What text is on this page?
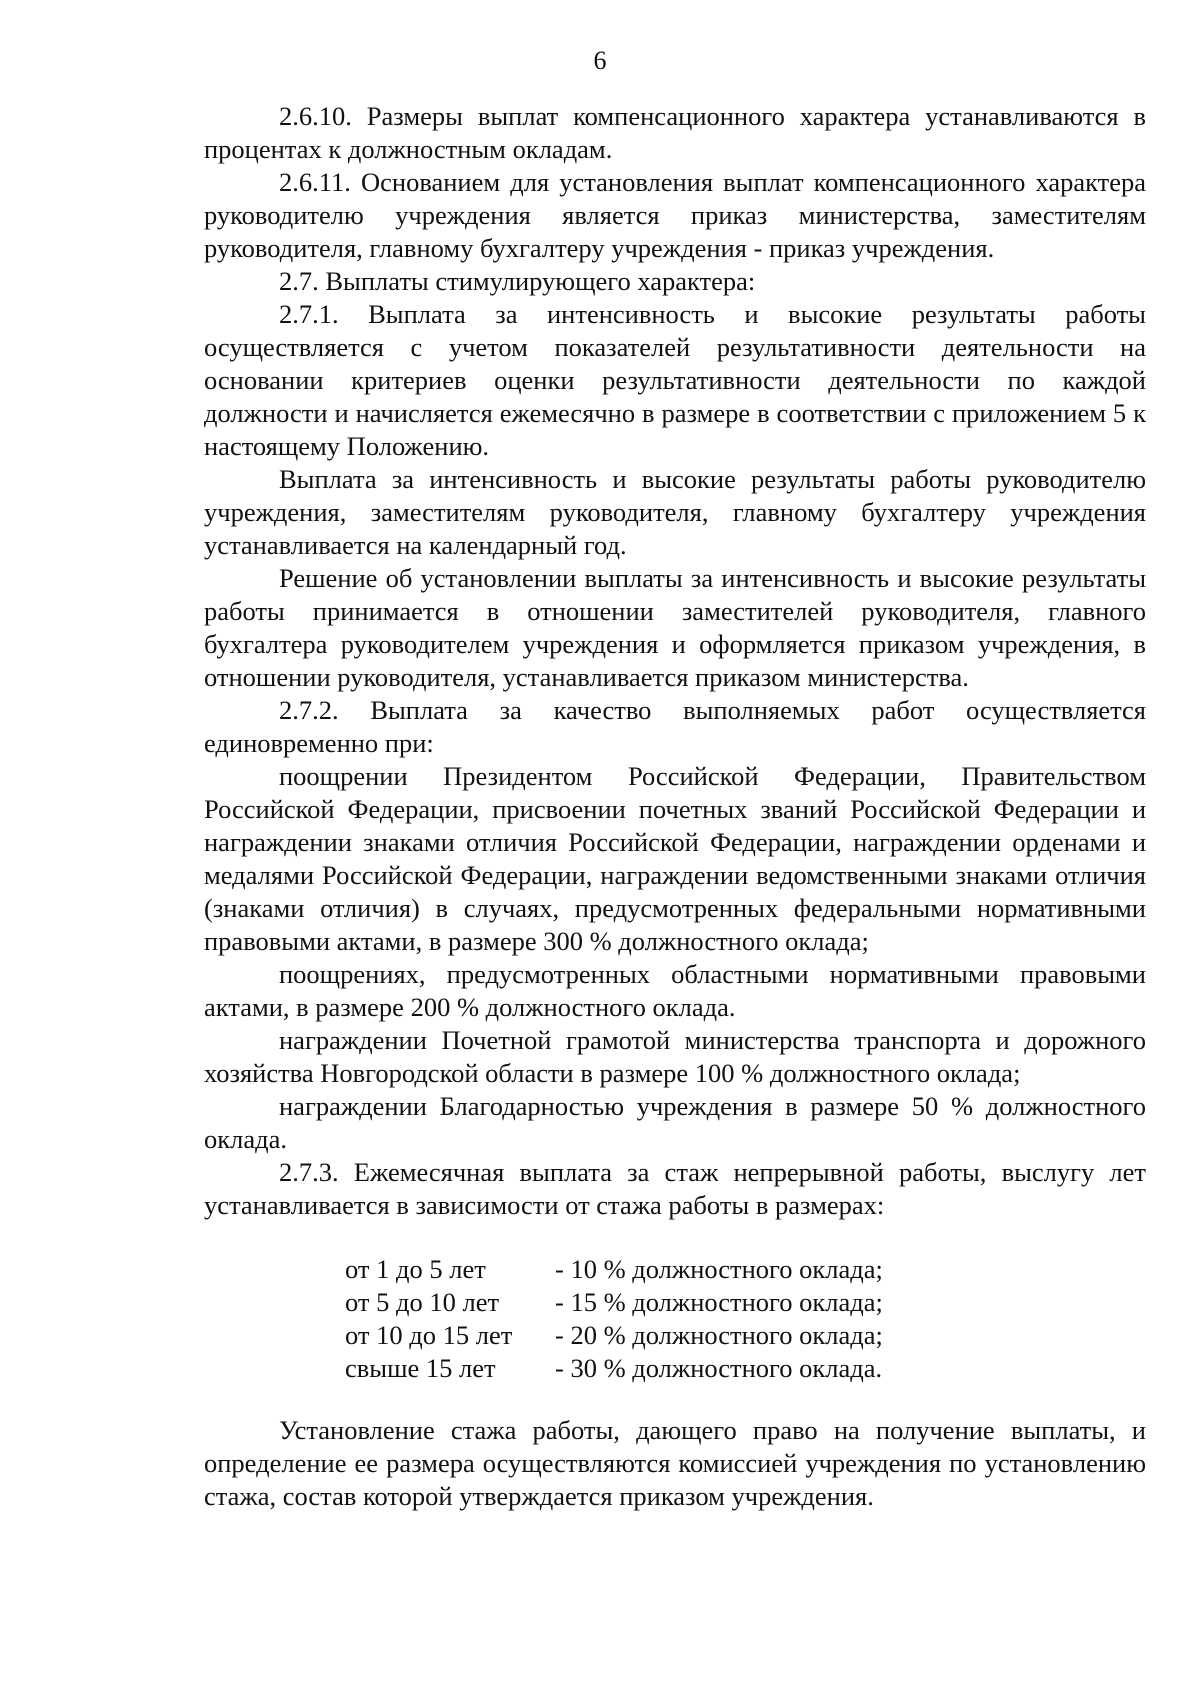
6

2.6.10. Размеры выплат компенсационного характера устанавливаются в процентах к должностным окладам.

2.6.11. Основанием для установления выплат компенсационного характера руководителю учреждения является приказ министерства, заместителям руководителя, главному бухгалтеру учреждения - приказ учреждения.

2.7. Выплаты стимулирующего характера:

2.7.1. Выплата за интенсивность и высокие результаты работы осуществляется с учетом показателей результативности деятельности на основании критериев оценки результативности деятельности по каждой должности и начисляется ежемесячно в размере в соответствии с приложением 5 к настоящему Положению.

Выплата за интенсивность и высокие результаты работы руководителю учреждения, заместителям руководителя, главному бухгалтеру учреждения устанавливается на календарный год.

Решение об установлении выплаты за интенсивность и высокие результаты работы принимается в отношении заместителей руководителя, главного бухгалтера руководителем учреждения и оформляется приказом учреждения, в отношении руководителя, устанавливается приказом министерства.

2.7.2. Выплата за качество выполняемых работ осуществляется единовременно при:

поощрении Президентом Российской Федерации, Правительством Российской Федерации, присвоении почетных званий Российской Федерации и награждении знаками отличия Российской Федерации, награждении орденами и медалями Российской Федерации, награждении ведомственными знаками отличия (знаками отличия) в случаях, предусмотренных федеральными нормативными правовыми актами, в размере 300 % должностного оклада;

поощрениях, предусмотренных областными нормативными правовыми актами, в размере 200 % должностного оклада.

награждении Почетной грамотой министерства транспорта и дорожного хозяйства Новгородской области в размере 100 % должностного оклада;

награждении Благодарностью учреждения в размере 50 % должностного оклада.

2.7.3. Ежемесячная выплата за стаж непрерывной работы, выслугу лет устанавливается в зависимости от стажа работы в размерах:

от 1 до 5 лет	- 10 % должностного оклада;
от 5 до 10 лет	- 15 % должностного оклада;
от 10 до 15 лет	- 20 % должностного оклада;
свыше 15 лет	- 30 % должностного оклада.

Установление стажа работы, дающего право на получение выплаты, и определение ее размера осуществляются комиссией учреждения по установлению стажа, состав которой утверждается приказом учреждения.
